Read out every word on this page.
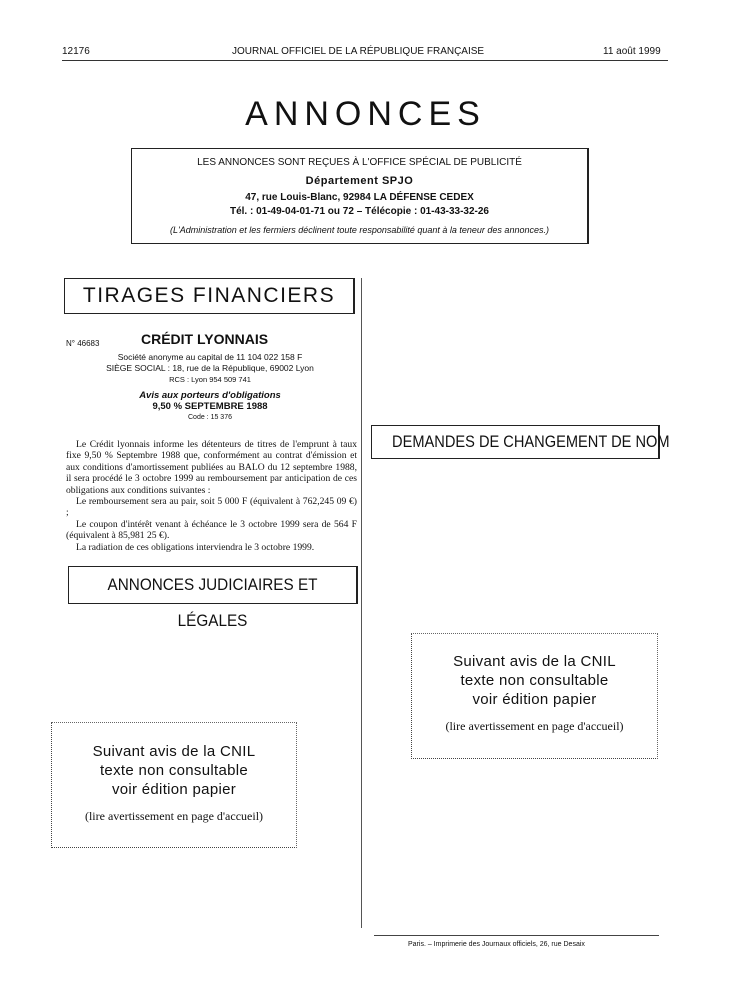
12176	JOURNAL OFFICIEL DE LA RÉPUBLIQUE FRANÇAISE	11 août 1999
ANNONCES
LES ANNONCES SONT REÇUES À L'OFFICE SPÉCIAL DE PUBLICITÉ
Département SPJO
47, rue Louis-Blanc, 92984 LA DÉFENSE CEDEX
Tél. : 01-49-04-01-71 ou 72 – Télécopie : 01-43-33-32-26
(L'Administration et les fermiers déclinent toute responsabilité quant à la teneur des annonces.)
TIRAGES FINANCIERS
N° 46683	CRÉDIT LYONNAIS
Société anonyme au capital de 11 104 022 158 F
SIÈGE SOCIAL : 18, rue de la République, 69002 Lyon
RCS : Lyon 954 509 741
Avis aux porteurs d'obligations
9,50 % SEPTEMBRE 1988
Code : 15 376
Le Crédit lyonnais informe les détenteurs de titres de l'emprunt à taux fixe 9,50 % Septembre 1988 que, conformément au contrat d'émission et aux conditions d'amortissement publiées au BALO du 12 septembre 1988, il sera procédé le 3 octobre 1999 au remboursement par anticipation de ces obligations aux conditions suivantes :
Le remboursement sera au pair, soit 5 000 F (équivalent à 762,245 09 €) ;
Le coupon d'intérêt venant à échéance le 3 octobre 1999 sera de 564 F (équivalent à 85,981 25 €).
La radiation de ces obligations interviendra le 3 octobre 1999.
ANNONCES JUDICIAIRES ET LÉGALES
DEMANDES DE CHANGEMENT DE NOM
Suivant avis de la CNIL
texte non consultable
voir édition papier
(lire avertissement en page d'accueil)
Suivant avis de la CNIL
texte non consultable
voir édition papier
(lire avertissement en page d'accueil)
Paris. – Imprimerie des Journaux officiels, 26, rue Desaix
